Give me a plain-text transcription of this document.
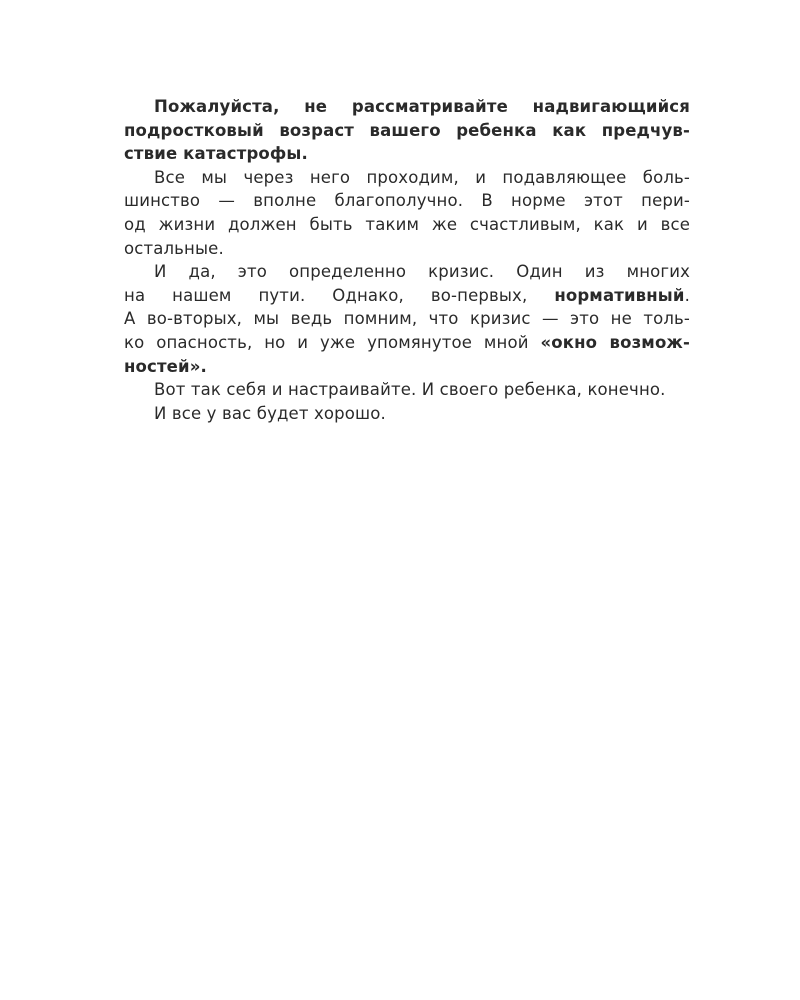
Пожалуйста, не рассматривайте надвигающийся
подростковый возраст вашего ребенка как предчув-
ствие катастрофы.
Все мы через него проходим, и подавляющее боль-
шинство — вполне благополучно. В норме этот пери-
од жизни должен быть таким же счастливым, как и все
остальные.
И да, это определенно кризис. Один из многих
на нашем пути. Однако, во-первых, нормативный.
А во-вторых, мы ведь помним, что кризис — это не толь-
ко опасность, но и уже упомянутое мной «окно возмож-
ностей».
Вот так себя и настраивайте. И своего ребенка, конечно.
И все у вас будет хорошо.
